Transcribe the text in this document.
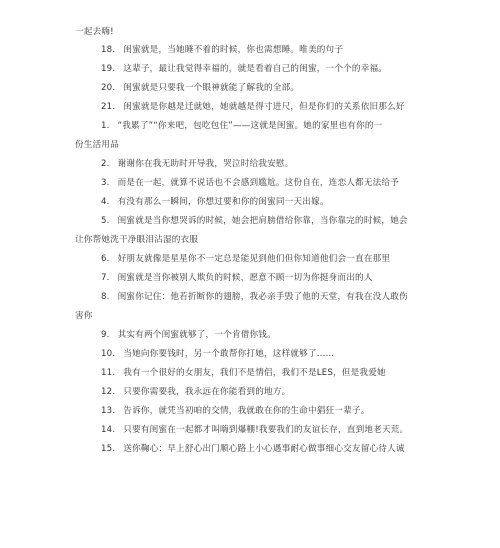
一起去嗨!
18. 闺蜜就是，当她睡不着的时候，你也需想睡。唯美的句子
19. 这辈子，最让我觉得幸福的，就是看着自己的闺蜜，一个个的幸福。
20. 闺蜜就是只要我一个眼神就能了解我的全部。
21. 闺蜜就是你越是迁就她，她就越是得寸进尺，但是你们的关系依旧那么好
1. “我累了”“你来吧，包吃包住”——这就是闺蜜。她的家里也有你的一
份生活用品
2. 谢谢你在我无助时开导我，哭泣时给我安慰。
3. 而是在一起，就算不说话也不会感到尴尬。这份自在，连恋人都无法给予
4. 有没有那么一瞬间，你想过要和你的闺蜜同一天出嫁。
5. 闺蜜就是当你想哭诉的时候，她会把肩膀借给你靠，当你靠完的时候，她会
让你帮她洗干净眼泪沾湿的衣服
6. 好朋友就像是星星你不一定总是能见到他们但你知道他们会一直在那里
7. 闺蜜就是当你被别人欺负的时候，愿意不顾一切为你挺身而出的人
8. 闺蜜你记住：他若折断你的翅膀，我必亲手毁了他的天堂，有我在没人敢伤
害你
9. 其实有两个闺蜜就够了，一个肯借你钱。
10. 当她向你要钱时，另一个敢帮你打她，这样就够了……
11. 我有一个很好的女朋友，我们不是情侣，我们不是LES，但是我爱她
12. 只要你需要我，我永远在你能看到的地方。
13. 告诉你，就凭当初咱的交情，我就敢在你的生命中猖狂一辈子。
14. 只要有闺蜜在一起都才叫嗨到爆棚!我要我们的友谊长存，直到地老天荒。
15. 送你鞠心：早上舒心出门顺心路上小心遇事耐心做事细心交友留心待人诚
